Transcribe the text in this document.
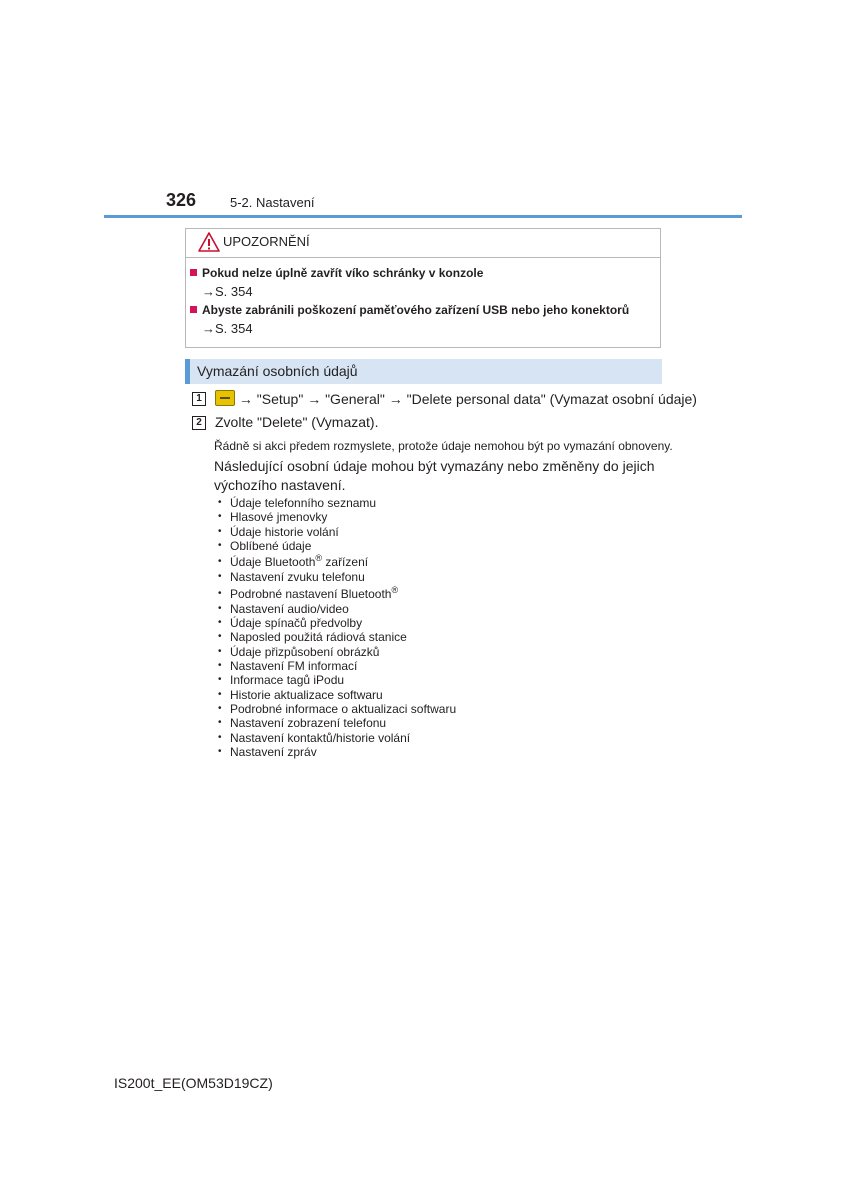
326	5-2. Nastavení
UPOZORNĚNÍ
Pokud nelze úplně zavřít víko schránky v konzole
→S. 354
Abyste zabránili poškození paměťového zařízení USB nebo jeho konektorů
→S. 354
Vymazání osobních údajů
1	→ "Setup" → "General" → "Delete personal data" (Vymazat osobní údaje)
2 Zvolte "Delete" (Vymazat).
Řádně si akci předem rozmyslete, protože údaje nemohou být po vymazání obnoveny.
Následující osobní údaje mohou být vymazány nebo změněny do jejich výchozího nastavení.
• Údaje telefonního seznamu
• Hlasové jmenovky
• Údaje historie volání
• Oblíbené údaje
• Údaje Bluetooth® zařízení
• Nastavení zvuku telefonu
• Podrobné nastavení Bluetooth®
• Nastavení audio/video
• Údaje spínačů předvolby
• Naposled použitá rádiová stanice
• Údaje přizpůsobení obrázků
• Nastavení FM informací
• Informace tagů iPodu
• Historie aktualizace softwaru
• Podrobné informace o aktualizaci softwaru
• Nastavení zobrazení telefonu
• Nastavení kontaktů/historie volání
• Nastavení zpráv
IS200t_EE(OM53D19CZ)
